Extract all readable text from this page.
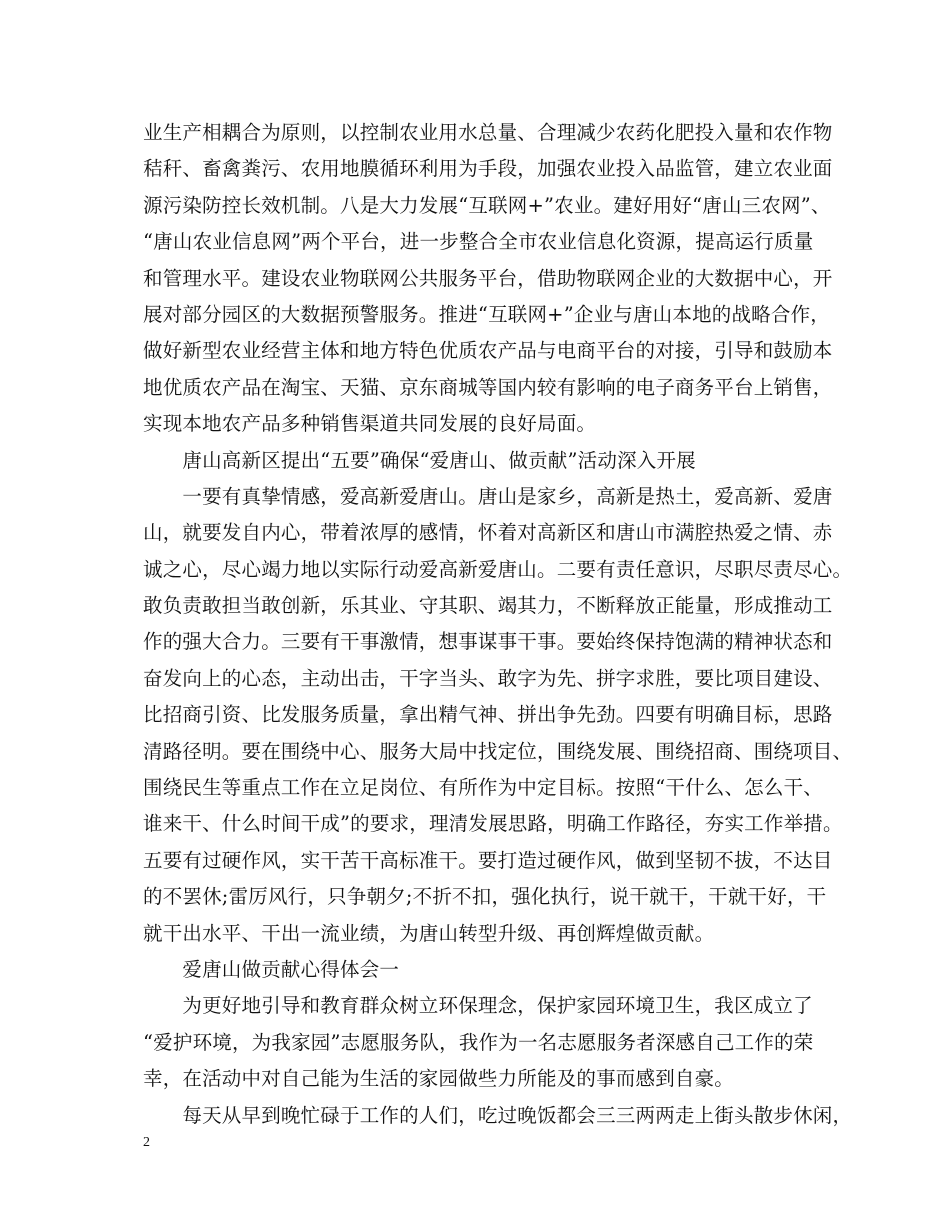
业生产相耦合为原则，以控制农业用水总量、合理减少农药化肥投入量和农作物
秸秆、畜禽粪污、农用地膜循环利用为手段，加强农业投入品监管，建立农业面
源污染防控长效机制。八是大力发展“互联网+”农业。建好用好“唐山三农网”、
“唐山农业信息网”两个平台，进一步整合全市农业信息化资源，提高运行质量
和管理水平。建设农业物联网公共服务平台，借助物联网企业的大数据中心，开
展对部分园区的大数据预警服务。推进“互联网+”企业与唐山本地的战略合作，
做好新型农业经营主体和地方特色优质农产品与电商平台的对接，引导和鼓励本
地优质农产品在淘宝、天猫、京东商城等国内较有影响的电子商务平台上销售，
实现本地农产品多种销售渠道共同发展的良好局面。
　　唐山高新区提出“五要”确保“爱唐山、做贡献”活动深入开展
　　一要有真挚情感，爱高新爱唐山。唐山是家乡，高新是热土，爱高新、爱唐
山，就要发自内心，带着浓厚的感情，怀着对高新区和唐山市满腔热爱之情、赤
诚之心，尽心竭力地以实际行动爱高新爱唐山。二要有责任意识，尽职尽责尽心。
敢负责敢担当敢创新，乐其业、守其职、竭其力，不断释放正能量，形成推动工
作的强大合力。三要有干事激情，想事谋事干事。要始终保持饱满的精神状态和
奋发向上的心态，主动出击，干字当头、敢字为先、拼字求胜，要比项目建设、
比招商引资、比发服务质量，拿出精气神、拼出争先劲。四要有明确目标，思路
清路径明。要在围绕中心、服务大局中找定位，围绕发展、围绕招商、围绕项目、
围绕民生等重点工作在立足岗位、有所作为中定目标。按照“干什么、怎么干、
谁来干、什么时间干成”的要求，理清发展思路，明确工作路径，夯实工作举措。
五要有过硬作风，实干苦干高标准干。要打造过硬作风，做到坚韧不拔，不达目
的不罢休;雷厉风行，只争朝夕;不折不扣，强化执行，说干就干，干就干好，干
就干出水平、干出一流业绩，为唐山转型升级、再创辉煌做贡献。
　　爱唐山做贡献心得体会一
　　为更好地引导和教育群众树立环保理念，保护家园环境卫生，我区成立了
“爱护环境，为我家园”志愿服务队，我作为一名志愿服务者深感自己工作的荣
幸，在活动中对自己能为生活的家园做些力所能及的事而感到自豪。
　　每天从早到晚忙碌于工作的人们，吃过晚饭都会三三两两走上街头散步休闲，
2
